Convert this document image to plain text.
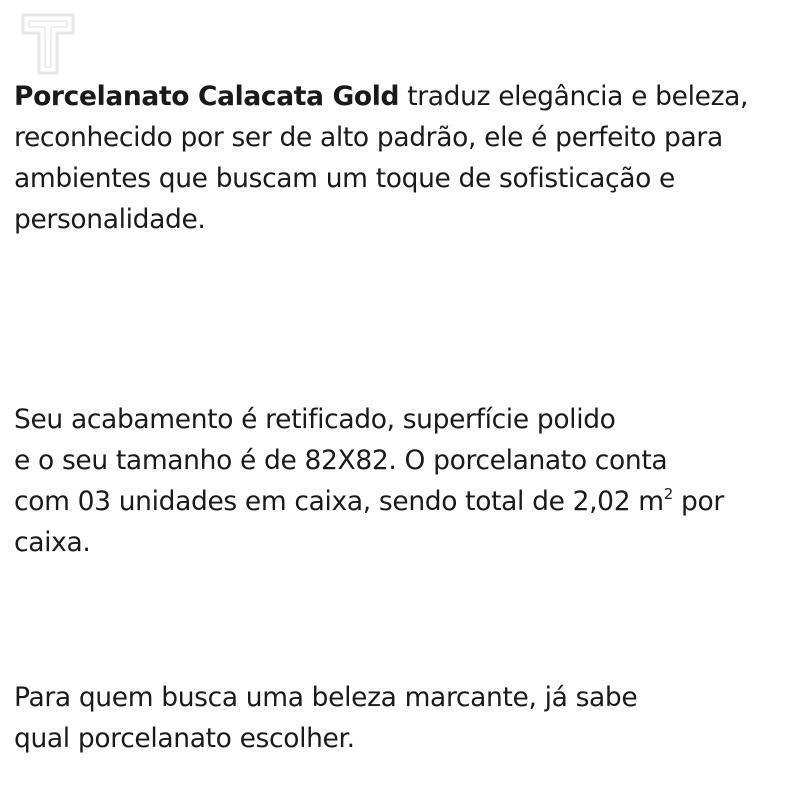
Porcelanato Calacata Gold traduz elegância e beleza,
reconhecido por ser de alto padrão, ele é perfeito para
ambientes que buscam um toque de sofisticação e
personalidade.

Seu acabamento é retificado, superfície polido
e o seu tamanho é de 82X82. O porcelanato conta
com 03 unidades em caixa, sendo total de 2,02 $m^2$ por
caixa.

Para quem busca uma beleza marcante, já sabe
qual porcelanato escolher.
